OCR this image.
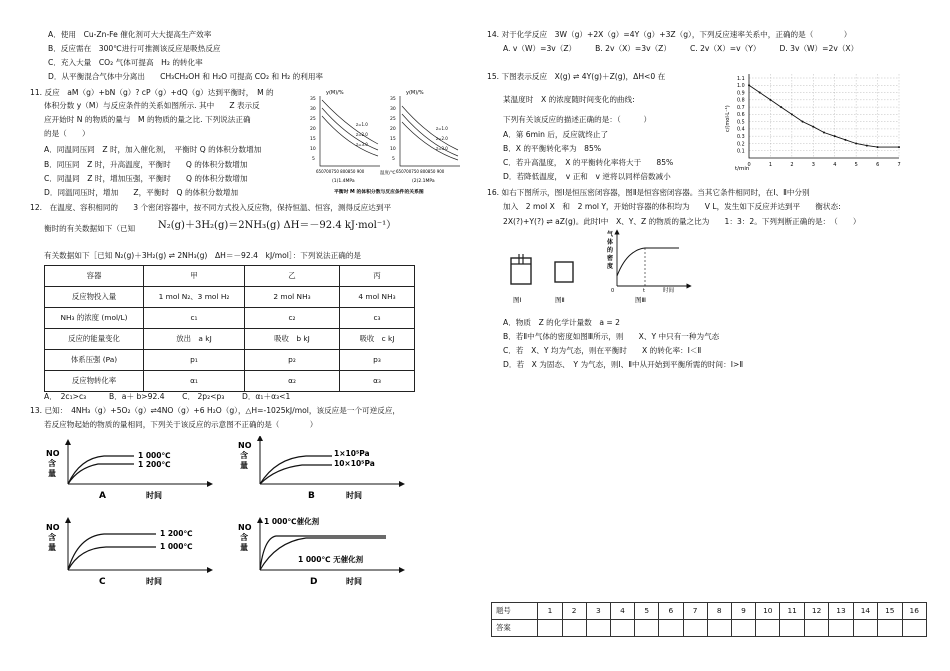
A．使用　Cu-Zn-Fe 催化剂可大大提高生产效率
B．反应需在　300℃进行可推测该反应是吸热反应
C．充入大量　CO₂ 气体可提高　H₂ 的转化率
D．从平衡混合气体中分离出　　CH₃CH₂OH 和 H₂O 可提高 CO₂ 和 H₂ 的利用率
11. 反应　aM（g）+bN（g）? cP（g）+dQ（g）达到平衡时，　M 的
体积分数 y（M）与反应条件的关系如图所示. 其中　　Z 表示反
应开始时 N 的物质的量与　M 的物质的量之比. 下列说法正确
的是（　　）
A．同温同压同　Z 时，加入催化剂，　平衡时 Q 的体积分数增加
B．同压同　Z 时，升高温度，平衡时　　Q 的体积分数增加
C．同温同　Z 时，增加压强，平衡时　　Q 的体积分数增加
D．同温同压时，增加　　Z，平衡时　Q 的体积分数增加
y(M)/%	y(M)/%
35
30
25
20
15
10
5
35
30
25
20
15
10
5
z=1.0
z=2.0
z=3.0
z=1.0
z=2.0
z=3.0
650700750 800850 900	650700750 800850 900
温度/℃
(1)1.4MPa	(2)2.1MPa
平衡时 M 的体积分数与反应条件的关系图
12.　在温度、容积相同的　　3 个密闭容器中，按不同方式投入反应物，保持恒温、恒容，测得反应达到平
衡时的有关数据如下（已知 N₂(g)＋3H₂(g)＝2NH₃(g) ΔH＝－92.4 kJ·mol⁻¹）
有关数据如下［已知 N₂(g)＋3H₂(g) ⇌ 2NH₃(g)　ΔH＝－92.4　kJ/mol］：下列说法正确的是
容器	甲	乙	丙
反应物投入量	1 mol N₂、3 mol H₂	2 mol NH₃	4 mol NH₃
NH₃ 的浓度 (mol/L)	c₁	c₂	c₃
反应的能量变化	放出　a kJ	吸收　b kJ	吸收　c kJ
体系压强 (Pa)	p₁	p₂	p₃
反应物转化率	α₁	α₂	α₃
A．　2c₁>c₃　　　B．a＋ b>92.4　　 C． 2p₂<p₃　　 D．α₁＋α₃<1
13. 已知：　4NH₃（g）+5O₂（g）⇌4NO（g）+6 H₂O（g），△H=-1025kJ/mol，该反应是一个可逆反应，
若反应物起始的物质的量相同，下列关于该反应的示意图不正确的是（　　　　）
NO
含
量
1 000℃
1 200℃
A	时间
NO
含
量
1×10⁵Pa
10×10⁵Pa
B	时间
NO
含
量
1 200℃
1 000℃
C	时间
NO
含
量
1 000℃催化剂
1 000℃ 无催化剂
D	时间
14. 对于化学反应　3W（g）+2X（g）=4Y（g）+3Z（g），下列反应速率关系中，正确的是（　　　　）
A. v（W）=3v（Z）　　　B. 2v（X）=3v（Z）　　　C. 2v（X）=v（Y）　　　D. 3v（W）=2v（X）
15. 下图表示反应　X(g) ⇌ 4Y(g)＋Z(g)，ΔH<0 在
某温度时　X 的浓度随时间变化的曲线:
下列有关该反应的描述正确的是：（　　　）
A．第 6min 后，反应就终止了
B．X 的平衡转化率为　85%
C．若升高温度，　X 的平衡转化率将大于　　85%
D．若降低温度，　v 正和　v 逆将以同样倍数减小
c/(mol·L⁻¹)
1.1
1.0
0.9
0.8
0.7
0.6
0.5
0.4
0.3
0.2
0.1
0	1	2	3	4	5	6	7
t/min
16. 如右下图所示，图Ⅰ是恒压密闭容器，图Ⅱ是恒容密闭容器。当其它条件相同时，在Ⅰ、Ⅱ中分别
加入　2 mol X　和　2 mol Y，开始时容器的体积均为　　V L，发生如下反应并达到平　　衡状态:
2X(?)+Y(?) ⇌ aZ(g)。此时Ⅰ中　X、Y、Z 的物质的量之比为　　1：3：2。下列判断正确的是：　（　　）
图Ⅰ	图Ⅱ
气
体
的
密
度
0	t	时间
图Ⅲ
A．物质　Z 的化学计量数　a = 2
B．若Ⅱ中气体的密度如图Ⅲ所示，则　　X、Y 中只有一种为气态
C．若　X、Y 均为气态，则在平衡时　　X 的转化率：Ⅰ＜Ⅱ
D．若　X 为固态、　Y 为气态，则Ⅰ、Ⅱ中从开始到平衡所需的时间：Ⅰ>Ⅱ
题号	1	2	3	4	5	6	7	8	9	10	11	12	13	14	15	16
答案																
